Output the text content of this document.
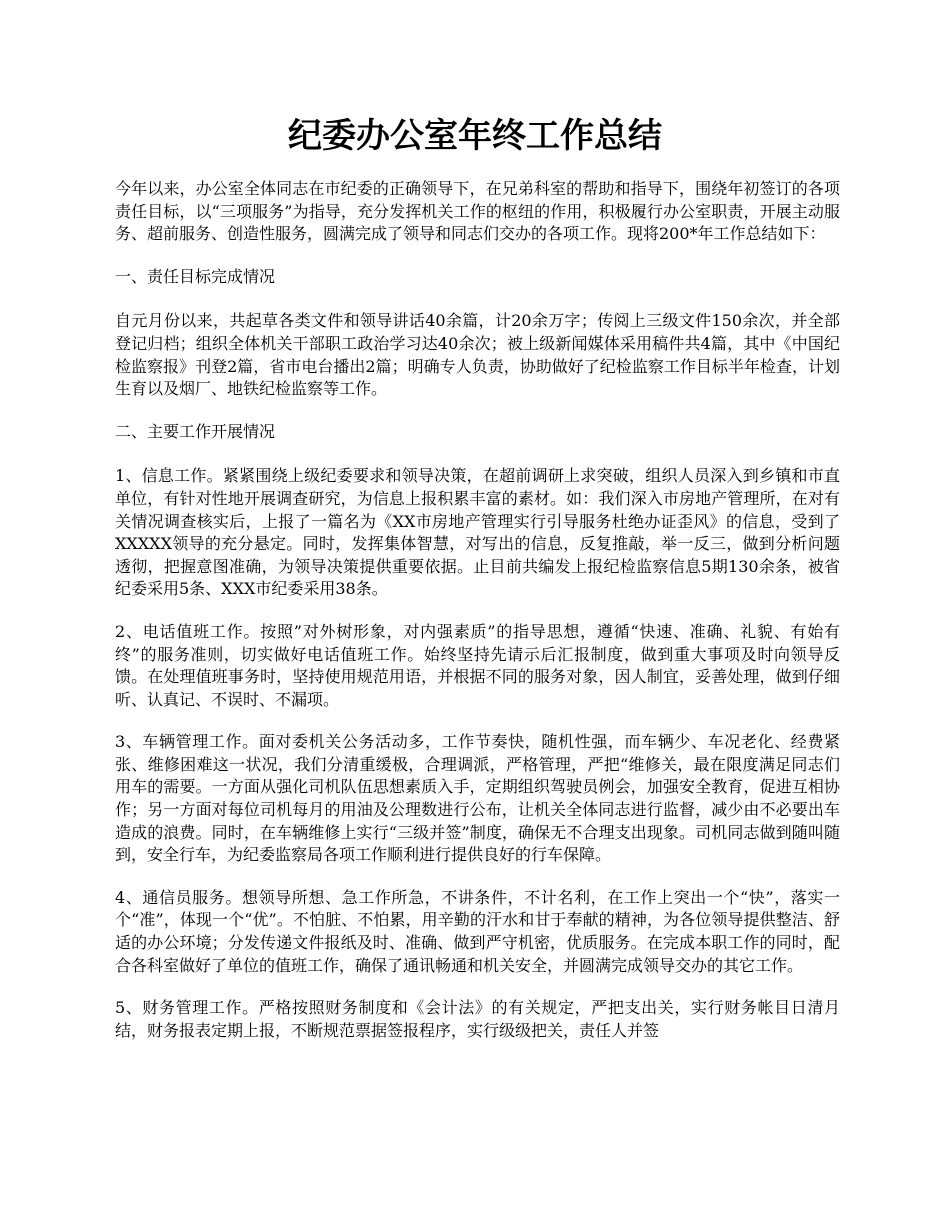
纪委办公室年终工作总结

今年以来，办公室全体同志在市纪委的正确领导下，在兄弟科室的帮助和指导下，围绕年初签订的各项责任目标，以“三项服务”为指导，充分发挥机关工作的枢纽的作用，积极履行办公室职责，开展主动服务、超前服务、创造性服务，圆满完成了领导和同志们交办的各项工作。现将200*年工作总结如下：

一、责任目标完成情况

自元月份以来，共起草各类文件和领导讲话40余篇，计20余万字；传阅上三级文件150余次，并全部登记归档；组织全体机关干部职工政治学习达40余次；被上级新闻媒体采用稿件共4篇，其中《中国纪检监察报》刊登2篇，省市电台播出2篇；明确专人负责，协助做好了纪检监察工作目标半年检查，计划生育以及烟厂、地铁纪检监察等工作。

二、主要工作开展情况

1、信息工作。紧紧围绕上级纪委要求和领导决策，在超前调研上求突破，组织人员深入到乡镇和市直单位，有针对性地开展调查研究，为信息上报积累丰富的素材。如：我们深入市房地产管理所，在对有关情况调查核实后，上报了一篇名为《XX市房地产管理实行引导服务杜绝办证歪风》的信息，受到了XXXXX领导的充分悬定。同时，发挥集体智慧，对写出的信息，反复推敲，举一反三，做到分析问题透彻，把握意图准确，为领导决策提供重要依据。止目前共编发上报纪检监察信息5期130余条，被省纪委采用5条、XXX市纪委采用38条。

2、电话值班工作。按照”对外树形象，对内强素质”的指导思想，遵循“快速、准确、礼貌、有始有终”的服务准则，切实做好电话值班工作。始终坚持先请示后汇报制度，做到重大事项及时向领导反馈。在处理值班事务时，坚持使用规范用语，并根据不同的服务对象，因人制宜，妥善处理，做到仔细听、认真记、不误时、不漏项。

3、车辆管理工作。面对委机关公务活动多，工作节奏快，随机性强，而车辆少、车况老化、经费紧张、维修困难这一状况，我们分清重缓极，合理调派，严格管理，严把“维修关，最在限度满足同志们用车的需要。一方面从强化司机队伍思想素质入手，定期组织驾驶员例会，加强安全教育，促进互相协作；另一方面对每位司机每月的用油及公理数进行公布，让机关全体同志进行监督，减少由不必要出车造成的浪费。同时，在车辆维修上实行“三级并签”制度，确保无不合理支出现象。司机同志做到随叫随到，安全行车，为纪委监察局各项工作顺利进行提供良好的行车保障。

4、通信员服务。想领导所想、急工作所急，不讲条件，不计名利，在工作上突出一个“快”，落实一个“准”，体现一个“优”。不怕脏、不怕累，用辛勤的汗水和甘于奉献的精神，为各位领导提供整洁、舒适的办公环境；分发传递文件报纸及时、准确、做到严守机密，优质服务。在完成本职工作的同时，配合各科室做好了单位的值班工作，确保了通讯畅通和机关安全，并圆满完成领导交办的其它工作。

5、财务管理工作。严格按照财务制度和《会计法》的有关规定，严把支出关，实行财务帐目日清月结，财务报表定期上报，不断规范票据签报程序，实行级级把关，责任人并签
